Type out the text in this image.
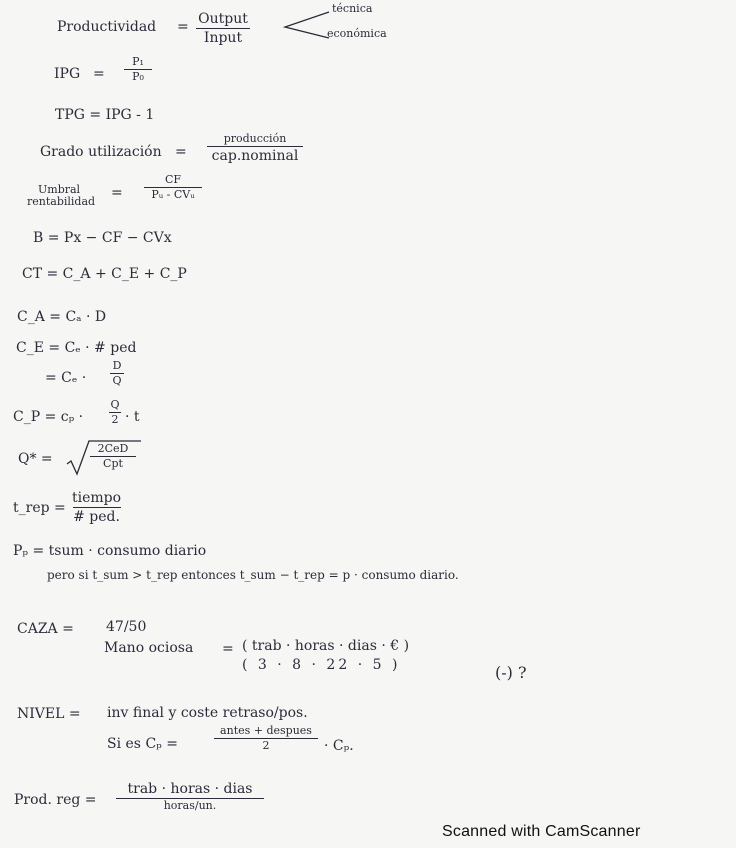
Productividad = Output
Input
técnica
económica
IPG =
P₁
P₀
TPG = IPG - 1
Grado utilización =
producción
cap.nominal
Umbral
rentabilidad
=
CF
Pᵤ - CVᵤ
B = Px − CF − CVx
CT = C_A + C_E + C_P
C_A = Cₐ · D
C_E = Cₑ · # ped
= Cₑ ·
D
Q
C_P = cₚ ·
Q
2 · t
Q* =
2CeD
Cpt
t_rep =
tiempo
# ped.
Pₚ = tsum · consumo diario
pero si t_sum > t_rep entonces t_sum − t_rep = p · consumo diario.
CAZA = 47/50
Mano ociosa = ( trab · horas · dias · € )
( 3 · 8 · 22 · 5 )	(-) ?
NIVEL = inv final y coste retraso/pos.
Si es Cₚ =
antes + despues
2	· Cₚ.
Prod. reg =
trab · horas · dias
horas/un.
Scanned with CamScanner
